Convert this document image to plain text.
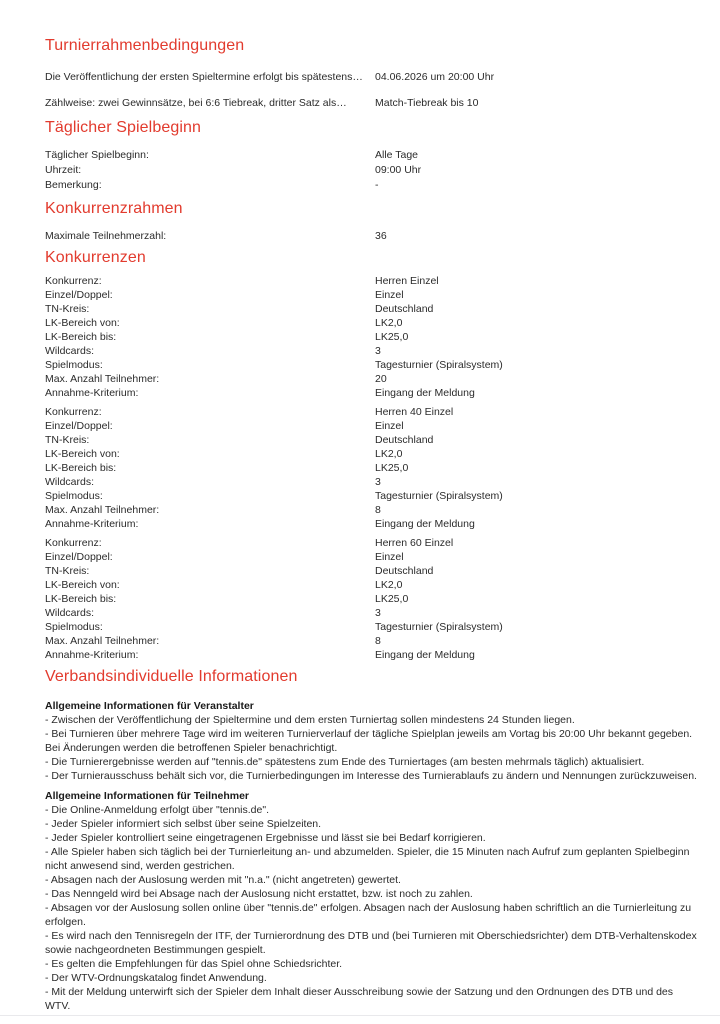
Turnierrahmenbedingungen
Die Veröffentlichung der ersten Spieltermine erfolgt bis spätestens… 04.06.2026 um 20:00 Uhr
Zählweise: zwei Gewinnsätze, bei 6:6 Tiebreak, dritter Satz als…	Match-Tiebreak bis 10
Täglicher Spielbeginn
Täglicher Spielbeginn:	Alle Tage
Uhrzeit:	09:00 Uhr
Bemerkung:	-
Konkurrenzrahmen
Maximale Teilnehmerzahl:	36
Konkurrenzen
Konkurrenz:	Herren Einzel
Einzel/Doppel:	Einzel
TN-Kreis:	Deutschland
LK-Bereich von:	LK2,0
LK-Bereich bis:	LK25,0
Wildcards:	3
Spielmodus:	Tagesturnier (Spiralsystem)
Max. Anzahl Teilnehmer:	20
Annahme-Kriterium:	Eingang der Meldung
Konkurrenz:	Herren 40 Einzel
Einzel/Doppel:	Einzel
TN-Kreis:	Deutschland
LK-Bereich von:	LK2,0
LK-Bereich bis:	LK25,0
Wildcards:	3
Spielmodus:	Tagesturnier (Spiralsystem)
Max. Anzahl Teilnehmer:	8
Annahme-Kriterium:	Eingang der Meldung
Konkurrenz:	Herren 60 Einzel
Einzel/Doppel:	Einzel
TN-Kreis:	Deutschland
LK-Bereich von:	LK2,0
LK-Bereich bis:	LK25,0
Wildcards:	3
Spielmodus:	Tagesturnier (Spiralsystem)
Max. Anzahl Teilnehmer:	8
Annahme-Kriterium:	Eingang der Meldung
Verbandsindividuelle Informationen
Allgemeine Informationen für Veranstalter
- Zwischen der Veröffentlichung der Spieltermine und dem ersten Turniertag sollen mindestens 24 Stunden liegen.
- Bei Turnieren über mehrere Tage wird im weiteren Turnierverlauf der tägliche Spielplan jeweils am Vortag bis 20:00 Uhr bekannt gegeben. Bei Änderungen werden die betroffenen Spieler benachrichtigt.
- Die Turnierergebnisse werden auf "tennis.de" spätestens zum Ende des Turniertages (am besten mehrmals täglich) aktualisiert.
- Der Turnierausschuss behält sich vor, die Turnierbedingungen im Interesse des Turnierablaufs zu ändern und Nennungen zurückzuweisen.
Allgemeine Informationen für Teilnehmer
- Die Online-Anmeldung erfolgt über "tennis.de".
- Jeder Spieler informiert sich selbst über seine Spielzeiten.
- Jeder Spieler kontrolliert seine eingetragenen Ergebnisse und lässt sie bei Bedarf korrigieren.
- Alle Spieler haben sich täglich bei der Turnierleitung an- und abzumelden. Spieler, die 15 Minuten nach Aufruf zum geplanten Spielbeginn nicht anwesend sind, werden gestrichen.
- Absagen nach der Auslosung werden mit "n.a." (nicht angetreten) gewertet.
- Das Nenngeld wird bei Absage nach der Auslosung nicht erstattet, bzw. ist noch zu zahlen.
- Absagen vor der Auslosung sollen online über "tennis.de" erfolgen. Absagen nach der Auslosung haben schriftlich an die Turnierleitung zu erfolgen.
- Es wird nach den Tennisregeln der ITF, der Turnierordnung des DTB und (bei Turnieren mit Oberschiedsrichter) dem DTB-Verhaltenskodex sowie nachgeordneten Bestimmungen gespielt.
- Es gelten die Empfehlungen für das Spiel ohne Schiedsrichter.
- Der WTV-Ordnungskatalog findet Anwendung.
- Mit der Meldung unterwirft sich der Spieler dem Inhalt dieser Ausschreibung sowie der Satzung und den Ordnungen des DTB und des WTV.
